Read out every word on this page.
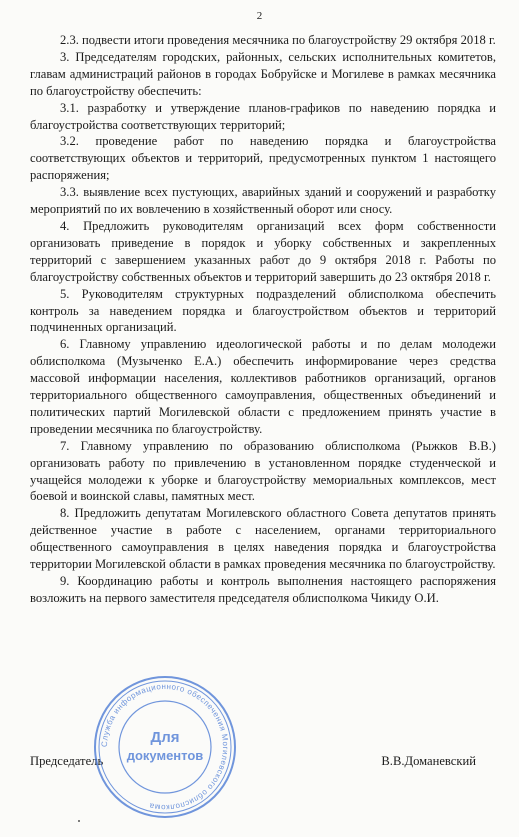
2

2.3. подвести итоги проведения месячника по благоустройству 29 октября 2018 г.

3. Председателям городских, районных, сельских исполнительных комитетов, главам администраций районов в городах Бобруйске и Могилеве в рамках месячника по благоустройству обеспечить:

3.1. разработку и утверждение планов-графиков по наведению порядка и благоустройства соответствующих территорий;

3.2. проведение работ по наведению порядка и благоустройства соответствующих объектов и территорий, предусмотренных пунктом 1 настоящего распоряжения;

3.3. выявление всех пустующих, аварийных зданий и сооружений и разработку мероприятий по их вовлечению в хозяйственный оборот или сносу.

4. Предложить руководителям организаций всех форм собственности организовать приведение в порядок и уборку собственных и закрепленных территорий с завершением указанных работ до 9 октября 2018 г. Работы по благоустройству собственных объектов и территорий завершить до 23 октября 2018 г.

5. Руководителям структурных подразделений облисполкома обеспечить контроль за наведением порядка и благоустройством объектов и территорий подчиненных организаций.

6. Главному управлению идеологической работы и по делам молодежи облисполкома (Музыченко Е.А.) обеспечить информирование через средства массовой информации населения, коллективов работников организаций, органов территориального общественного самоуправления, общественных объединений и политических партий Могилевской области с предложением принять участие в проведении месячника по благоустройству.

7. Главному управлению по образованию облисполкома (Рыжков В.В.) организовать работу по привлечению в установленном порядке студенческой и учащейся молодежи к уборке и благоустройству мемориальных комплексов, мест боевой и воинской славы, памятных мест.

8. Предложить депутатам Могилевского областного Совета депутатов принять действенное участие в работе с населением, органами территориального общественного самоуправления в целях наведения порядка и благоустройства территории Могилевской области в рамках проведения месячника по благоустройству.

9. Координацию работы и контроль выполнения настоящего распоряжения возложить на первого заместителя председателя облисполкома Чикиду О.И.

Председатель	В.В.Доманевский
Служба информационного обеспечения Могилевского облисполкома
Для
документов
